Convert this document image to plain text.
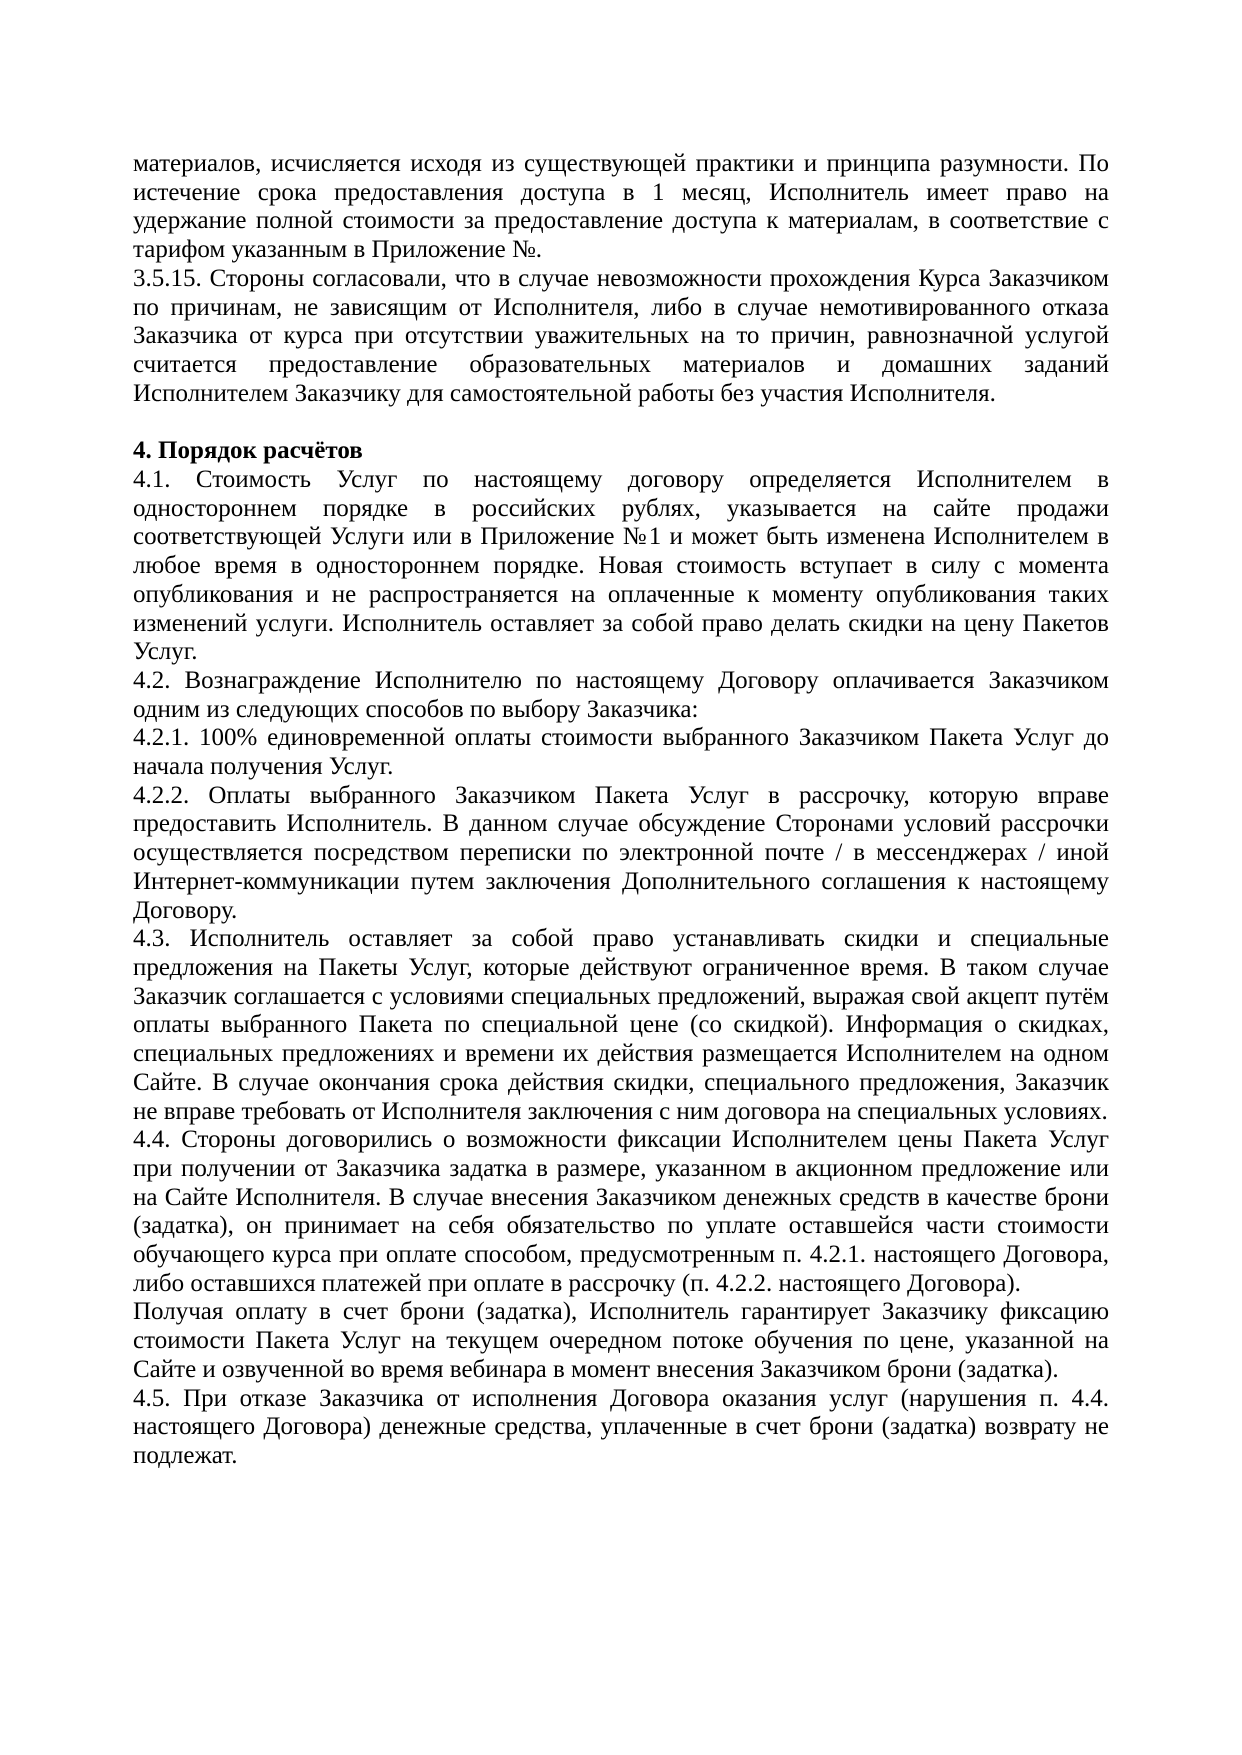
материалов, исчисляется исходя из существующей практики и принципа разумности. По истечение срока предоставления доступа в 1 месяц, Исполнитель имеет право на удержание полной стоимости за предоставление доступа к материалам, в соответствие с тарифом указанным в Приложение №.

3.5.15. Стороны согласовали, что в случае невозможности прохождения Курса Заказчиком по причинам, не зависящим от Исполнителя, либо в случае немотивированного отказа Заказчика от курса при отсутствии уважительных на то причин, равнозначной услугой считается предоставление образовательных материалов и домашних заданий Исполнителем Заказчику для самостоятельной работы без участия Исполнителя.

4. Порядок расчётов

4.1. Стоимость Услуг по настоящему договору определяется Исполнителем в одностороннем порядке в российских рублях, указывается на сайте продажи соответствующей Услуги или в Приложение №1 и может быть изменена Исполнителем в любое время в одностороннем порядке. Новая стоимость вступает в силу с момента опубликования и не распространяется на оплаченные к моменту опубликования таких изменений услуги. Исполнитель оставляет за собой право делать скидки на цену Пакетов Услуг.

4.2. Вознаграждение Исполнителю по настоящему Договору оплачивается Заказчиком одним из следующих способов по выбору Заказчика:

4.2.1. 100% единовременной оплаты стоимости выбранного Заказчиком Пакета Услуг до начала получения Услуг.

4.2.2. Оплаты выбранного Заказчиком Пакета Услуг в рассрочку, которую вправе предоставить Исполнитель. В данном случае обсуждение Сторонами условий рассрочки осуществляется посредством переписки по электронной почте / в мессенджерах / иной Интернет-коммуникации путем заключения Дополнительного соглашения к настоящему Договору.

4.3. Исполнитель оставляет за собой право устанавливать скидки и специальные предложения на Пакеты Услуг, которые действуют ограниченное время. В таком случае Заказчик соглашается с условиями специальных предложений, выражая свой акцепт путём оплаты выбранного Пакета по специальной цене (со скидкой). Информация о скидках, специальных предложениях и времени их действия размещается Исполнителем на одном Сайте. В случае окончания срока действия скидки, специального предложения, Заказчик не вправе требовать от Исполнителя заключения с ним договора на специальных условиях.

4.4. Стороны договорились о возможности фиксации Исполнителем цены Пакета Услуг при получении от Заказчика задатка в размере, указанном в акционном предложение или на Сайте Исполнителя. В случае внесения Заказчиком денежных средств в качестве брони (задатка), он принимает на себя обязательство по уплате оставшейся части стоимости обучающего курса при оплате способом, предусмотренным п. 4.2.1. настоящего Договора, либо оставшихся платежей при оплате в рассрочку (п. 4.2.2. настоящего Договора).

Получая оплату в счет брони (задатка), Исполнитель гарантирует Заказчику фиксацию стоимости Пакета Услуг на текущем очередном потоке обучения по цене, указанной на Сайте и озвученной во время вебинара в момент внесения Заказчиком брони (задатка).

4.5. При отказе Заказчика от исполнения Договора оказания услуг (нарушения п. 4.4. настоящего Договора) денежные средства, уплаченные в счет брони (задатка) возврату не подлежат.
